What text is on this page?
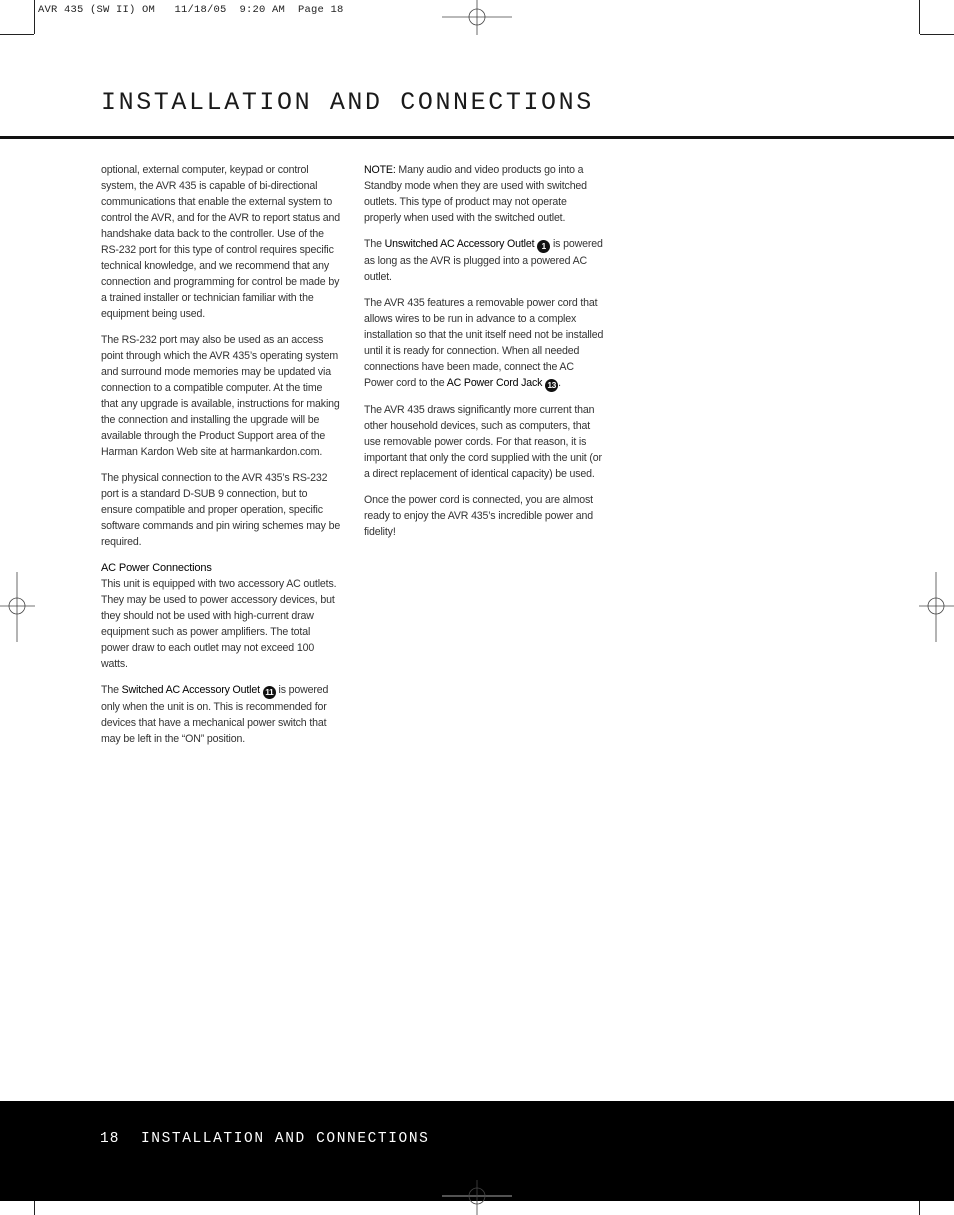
AVR 435 (SW II) OM   11/18/05  9:20 AM  Page 18
INSTALLATION AND CONNECTIONS

optional, external computer, keypad or control system, the AVR 435 is capable of bi-directional communications that enable the external system to control the AVR, and for the AVR to report status and handshake data back to the controller. Use of the RS-232 port for this type of control requires specific technical knowledge, and we recommend that any connection and programming for control be made by a trained installer or technician familiar with the equipment being used.

The RS-232 port may also be used as an access point through which the AVR 435’s operating system and surround mode memories may be updated via connection to a compatible computer. At the time that any upgrade is available, instructions for making the connection and installing the upgrade will be available through the Product Support area of the Harman Kardon Web site at harmankardon.com.

The physical connection to the AVR 435’s RS-232 port is a standard D-SUB 9 connection, but to ensure compatible and proper operation, specific software commands and pin wiring schemes may be required.

AC Power Connections
This unit is equipped with two accessory AC outlets. They may be used to power accessory devices, but they should not be used with high-current draw equipment such as power amplifiers. The total power draw to each outlet may not exceed 100 watts.

The Switched AC Accessory Outlet 11 is powered only when the unit is on. This is recommended for devices that have a mechanical power switch that may be left in the “ON” position.

NOTE: Many audio and video products go into a Standby mode when they are used with switched outlets. This type of product may not operate properly when used with the switched outlet.

The Unswitched AC Accessory Outlet 1 is powered as long as the AVR is plugged into a powered AC outlet.

The AVR 435 features a removable power cord that allows wires to be run in advance to a complex installation so that the unit itself need not be installed until it is ready for connection. When all needed connections have been made, connect the AC Power cord to the AC Power Cord Jack 13 .

The AVR 435 draws significantly more current than other household devices, such as computers, that use removable power cords. For that reason, it is important that only the cord supplied with the unit (or a direct replacement of identical capacity) be used.

Once the power cord is connected, you are almost ready to enjoy the AVR 435’s incredible power and fidelity!

18 INSTALLATION AND CONNECTIONS
